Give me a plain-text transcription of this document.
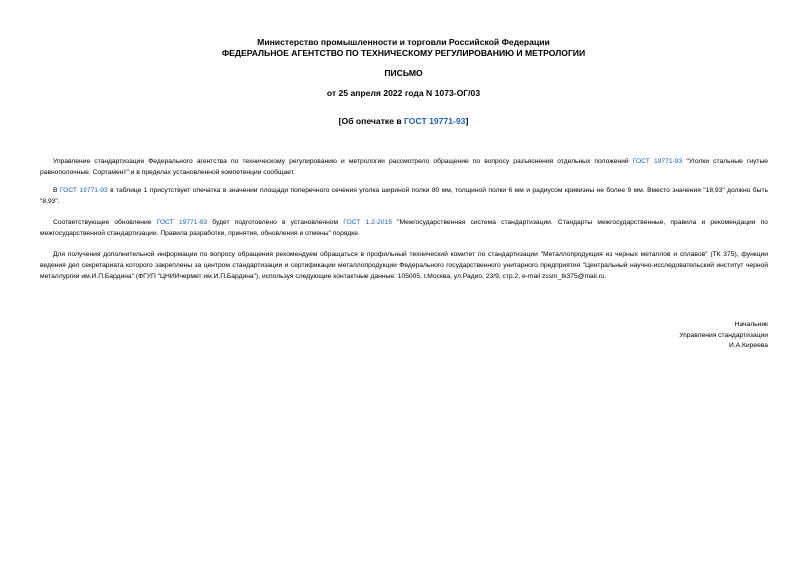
Министерство промышленности и торговли Российской Федерации
ФЕДЕРАЛЬНОЕ АГЕНТСТВО ПО ТЕХНИЧЕСКОМУ РЕГУЛИРОВАНИЮ И МЕТРОЛОГИИ
ПИСЬМО
от 25 апреля 2022 года N 1073-ОГ/03
[Об опечатке в ГОСТ 19771-93]
Управление стандартизации Федерального агентства по техническому регулированию и метрологии рассмотрело обращение по вопросу разъяснения отдельных положений ГОСТ 19771-93 "Уголки стальные гнутые равнополочные. Сортамент" и в пределах установленной компетенции сообщает.
В ГОСТ 19771-93 в таблице 1 присутствует опечатка в значении площади поперечного сечения уголка шириной полки 80 мм, толщиной полки 6 мм и радиусом кривизны не более 9 мм. Вместо значения "18,93" должно быть "8,93".
Соответствующее обновление ГОСТ 19771-93 будет подготовлено в установленном ГОСТ 1.2-2015 "Межгосударственная система стандартизации. Стандарты межгосударственные, правила и рекомендации по межгосударственной стандартизации. Правила разработки, принятия, обновления и отмены" порядке.
Для получения дополнительной информации по вопросу обращения рекомендуем обращаться в профильный технический комитет по стандартизации "Металлопродукция из черных металлов и сплавов" (ТК 375), функции ведения дел секретариата которого закреплены за центром стандартизации и сертификации металлопродукции Федерального государственного унитарного предприятия "Центральный научно-исследовательский институт черной металлургии им.И.П.Бардина" (ФГУП "ЦНИИчермет им.И.П.Бардина"), используя следующие контактные данные: 105005, г.Москва, ул.Радио, 23/9, стр.2, e-mail zssm_tk375@mail.ru.
Начальник
Управления стандартизации
И.А.Киреева
